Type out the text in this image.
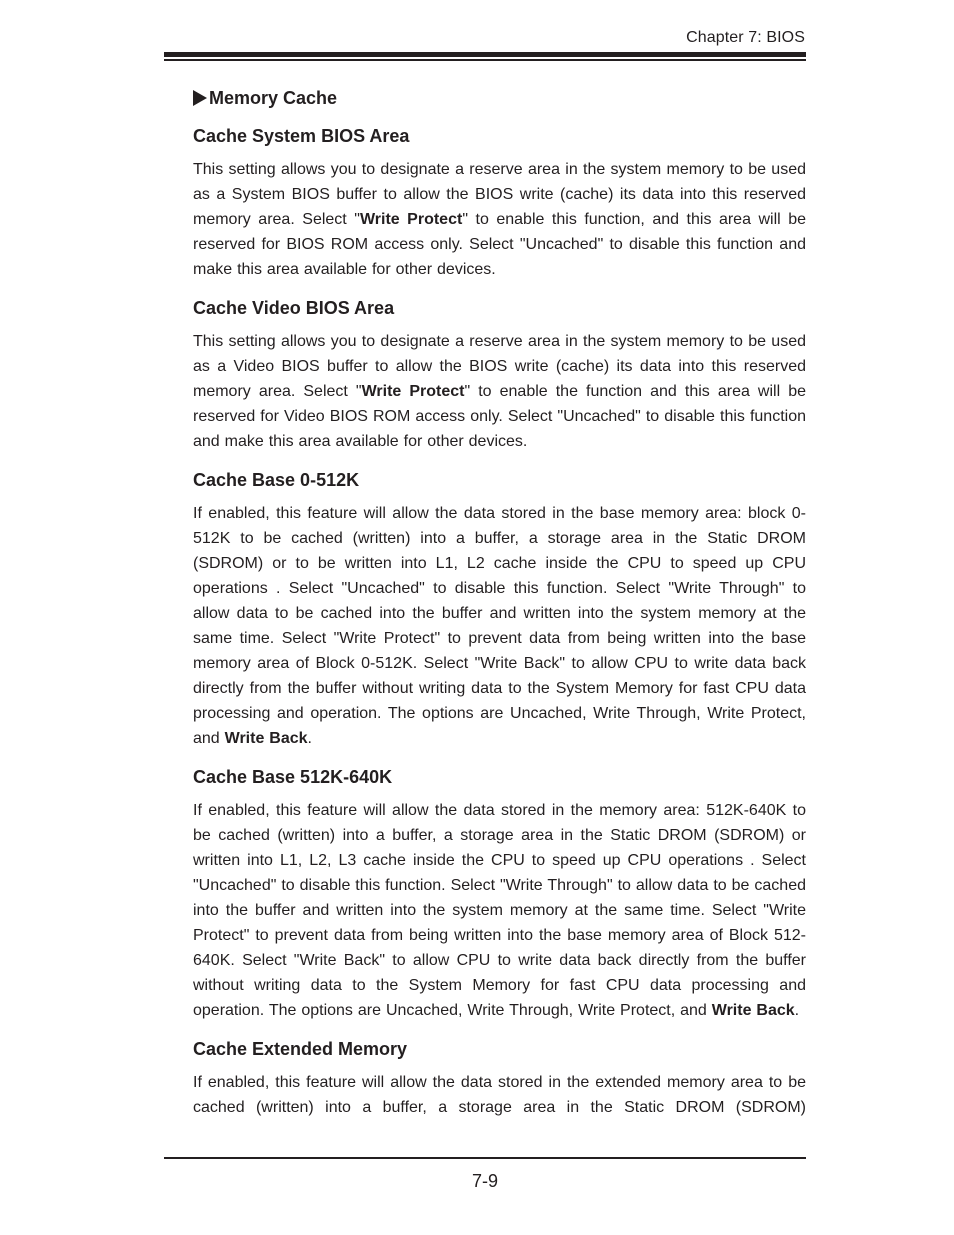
Chapter 7: BIOS
Memory Cache
Cache System BIOS Area

This setting allows you to designate a reserve area in the system memory to be used as a System BIOS buffer to allow the BIOS write (cache) its data into this reserved memory area. Select "Write Protect" to enable this function, and this area will be reserved for BIOS ROM access only. Select "Uncached" to disable this function and make this area available for other devices.

Cache Video BIOS Area

This setting allows you to designate a reserve area in the system memory to be used as a Video BIOS buffer to allow the BIOS write (cache) its data into this reserved memory area. Select "Write Protect" to enable the function and this area will be reserved for Video BIOS ROM access only. Select "Uncached" to disable this function and make this area available for other devices.

Cache Base 0-512K

If enabled, this feature will allow the data stored in the base memory area: block 0-512K to be cached (written) into a buffer, a storage area in the Static DROM (SDROM) or to be written into L1, L2 cache inside the CPU to speed up CPU operations . Select "Uncached" to disable this function. Select "Write Through" to allow data to be cached into the buffer and written into the system memory at the same time. Select "Write Protect" to prevent data from being written into the base memory area of Block 0-512K. Select "Write Back" to allow CPU to write data back directly from the buffer without writing data to the System Memory for fast CPU data processing and operation. The options are Uncached, Write Through, Write Protect, and Write Back.

Cache Base 512K-640K

If enabled, this feature will allow the data stored in the memory area: 512K-640K to be cached (written) into a buffer, a storage area in the Static DROM (SDROM) or written into L1, L2, L3 cache inside the CPU to speed up CPU operations . Select "Uncached" to disable this function. Select "Write Through" to allow data to be cached into the buffer and written into the system memory at the same time. Select "Write Protect" to prevent data from being written into the base memory area of Block 512-640K. Select "Write Back" to allow CPU to write data back directly from the buffer without writing data to the System Memory for fast CPU data processing and operation. The options are Uncached, Write Through, Write Protect, and Write Back.

Cache Extended Memory

If enabled, this feature will allow the data stored in the extended memory area to be cached (written) into a buffer, a storage area in the Static DROM (SDROM)

7-9
